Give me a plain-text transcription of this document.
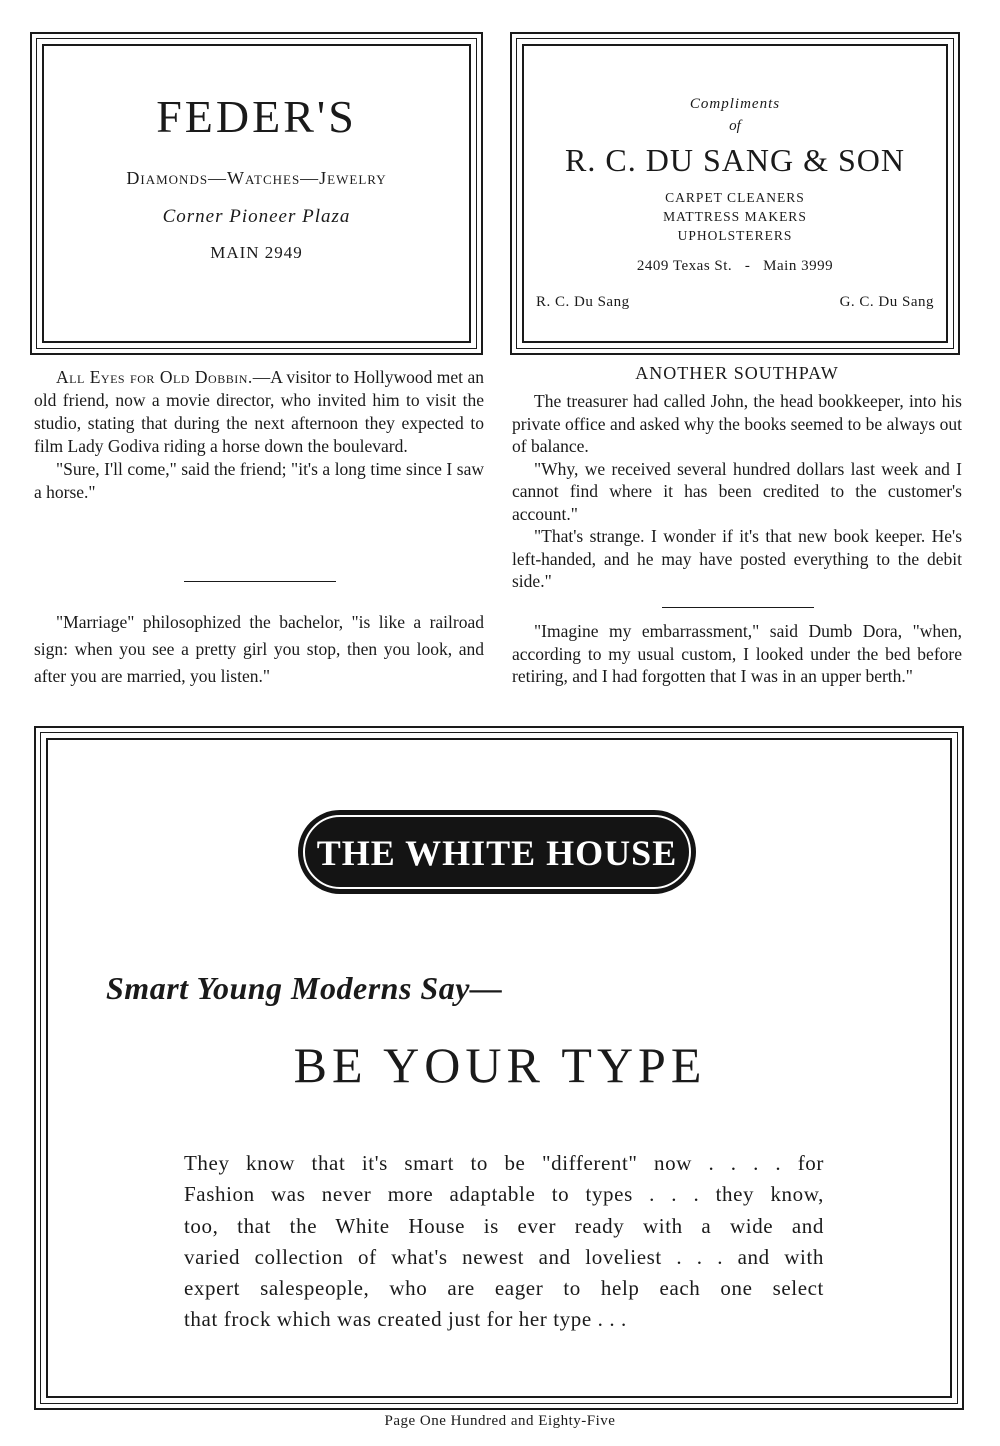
FEDER'S
Diamonds—Watches—Jewelry
Corner Pioneer Plaza
MAIN 2949
Compliments
of
R. C. DU SANG & SON
CARPET CLEANERS
MATTRESS MAKERS
UPHOLSTERERS
2409 Texas St.   -   Main 3999
R. C. Du Sang	G. C. Du Sang

All Eyes for Old Dobbin.—A visitor to Hollywood met an old friend, now a movie director, who invited him to visit the studio, stating that during the next afternoon they expected to film Lady Godiva riding a horse down the boulevard.

"Sure, I'll come," said the friend; "it's a long time since I saw a horse."

"Marriage" philosophized the bachelor, "is like a railroad sign: when you see a pretty girl you stop, then you look, and after you are married, you listen."

ANOTHER SOUTHPAW

The treasurer had called John, the head bookkeeper, into his private office and asked why the books seemed to be always out of balance.

"Why, we received several hundred dollars last week and I cannot find where it has been credited to the customer's account."

"That's strange. I wonder if it's that new book keeper. He's left-handed, and he may have posted everything to the debit side."

"Imagine my embarrassment," said Dumb Dora, "when, according to my usual custom, I looked under the bed before retiring, and I had forgotten that I was in an upper berth."

THE WHITE HOUSE
Smart Young Moderns Say—
BE YOUR TYPE
They know that it's smart to be "different" now . . . . for
Fashion was never more adaptable to types . . . they know,
too, that the White House is ever ready with a wide and
varied collection of what's newest and loveliest . . . and with
expert salespeople, who are eager to help each one select
that frock which was created just for her type . . .
Page One Hundred and Eighty-Five
